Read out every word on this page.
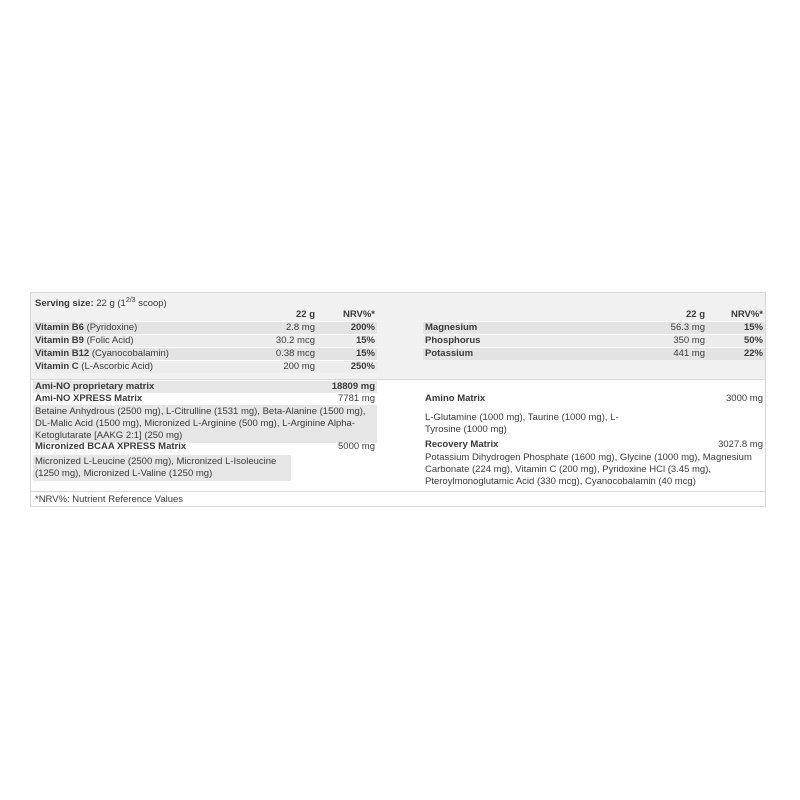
Serving size: 22 g ($1^{2/3}$ scoop)
	22 g	NRV%*
Vitamin B6 (Pyridoxine)	2.8 mg	200%
Vitamin B9 (Folic Acid)	30.2 mcg	15%
Vitamin B12 (Cyanocobalamin)	0.38 mcg	15%
Vitamin C (L-Ascorbic Acid)	200 mg	250%
	22 g	NRV%*
Magnesium	56.3 mg	15%
Phosphorus	350 mg	50%
Potassium	441 mg	22%
Ami-NO proprietary matrix	18809 mg
Ami-NO XPRESS Matrix	7781 mg
Betaine Anhydrous (2500 mg), L-Citrulline (1531 mg), Beta-Alanine (1500 mg), DL-Malic Acid (1500 mg), Micronized L-Arginine (500 mg), L-Arginine Alpha-Ketoglutarate [AAKG 2:1] (250 mg)
Micronized BCAA XPRESS Matrix	5000 mg
Micronized L-Leucine (2500 mg), Micronized L-Isoleucine (1250 mg), Micronized L-Valine (1250 mg)
Amino Matrix	3000 mg
L-Glutamine (1000 mg), Taurine (1000 mg), L-Tyrosine (1000 mg)
Recovery Matrix	3027.8 mg
Potassium Dihydrogen Phosphate (1600 mg), Glycine (1000 mg), Magnesium Carbonate (224 mg), Vitamin C (200 mg), Pyridoxine HCl (3.45 mg), Pteroylmonoglutamic Acid (330 mcg), Cyanocobalamin (40 mcg)
*NRV%: Nutrient Reference Values
